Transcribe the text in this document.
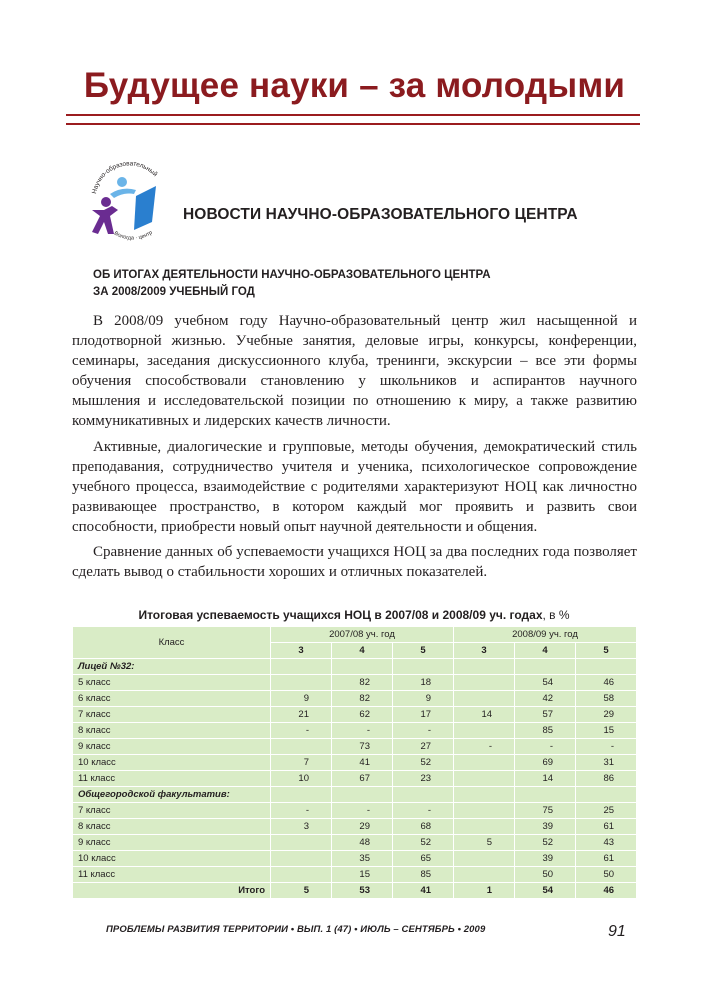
Будущее науки – за молодыми
Научно-образовательный
Вологда · центр
НОВОСТИ НАУЧНО-ОБРАЗОВАТЕЛЬНОГО ЦЕНТРА
ОБ ИТОГАХ ДЕЯТЕЛЬНОСТИ НАУЧНО-ОБРАЗОВАТЕЛЬНОГО ЦЕНТРА
ЗА 2008/2009 УЧЕБНЫЙ ГОД

В 2008/09 учебном году Научно-образовательный центр жил насыщенной и плодотворной жизнью. Учебные занятия, деловые игры, конкурсы, конференции, семинары, заседания дискуссионного клуба, тренинги, экскурсии – все эти формы обучения способствовали становлению у школьников и аспирантов научного мышления и исследовательской позиции по отношению к миру, а также развитию коммуникативных и лидерских качеств личности.

Активные, диалогические и групповые, методы обучения, демократический стиль преподавания, сотрудничество учителя и ученика, психологическое сопровождение учебного процесса, взаимодействие с родителями характеризуют НОЦ как личностно развивающее пространство, в котором каждый мог проявить и развить свои способности, приобрести новый опыт научной деятельности и общения.

Сравнение данных об успеваемости учащихся НОЦ за два последних года позволяет сделать вывод о стабильности хороших и отличных показателей.

Итоговая успеваемость учащихся НОЦ в 2007/08 и 2008/09 уч. годах, в %
Класс	2007/08 уч. год			2008/09 уч. год		
	3	4	5	3	4	5
Лицей №32:						
5 класс		82	18		54	46
6 класс	9	82	9		42	58
7 класс	21	62	17	14	57	29
8 класс	-	-	-		85	15
9 класс		73	27	-	-	-
10 класс	7	41	52		69	31
11 класс	10	67	23		14	86
Общегородской факультатив:						
7 класс	-	-	-		75	25
8 класс	3	29	68		39	61
9 класс		48	52	5	52	43
10 класс		35	65		39	61
11 класс		15	85		50	50
Итого	5	53	41	1	54	46
ПРОБЛЕМЫ РАЗВИТИЯ ТЕРРИТОРИИ • ВЫП. 1 (47) • ИЮЛЬ – СЕНТЯБРЬ • 2009	91
